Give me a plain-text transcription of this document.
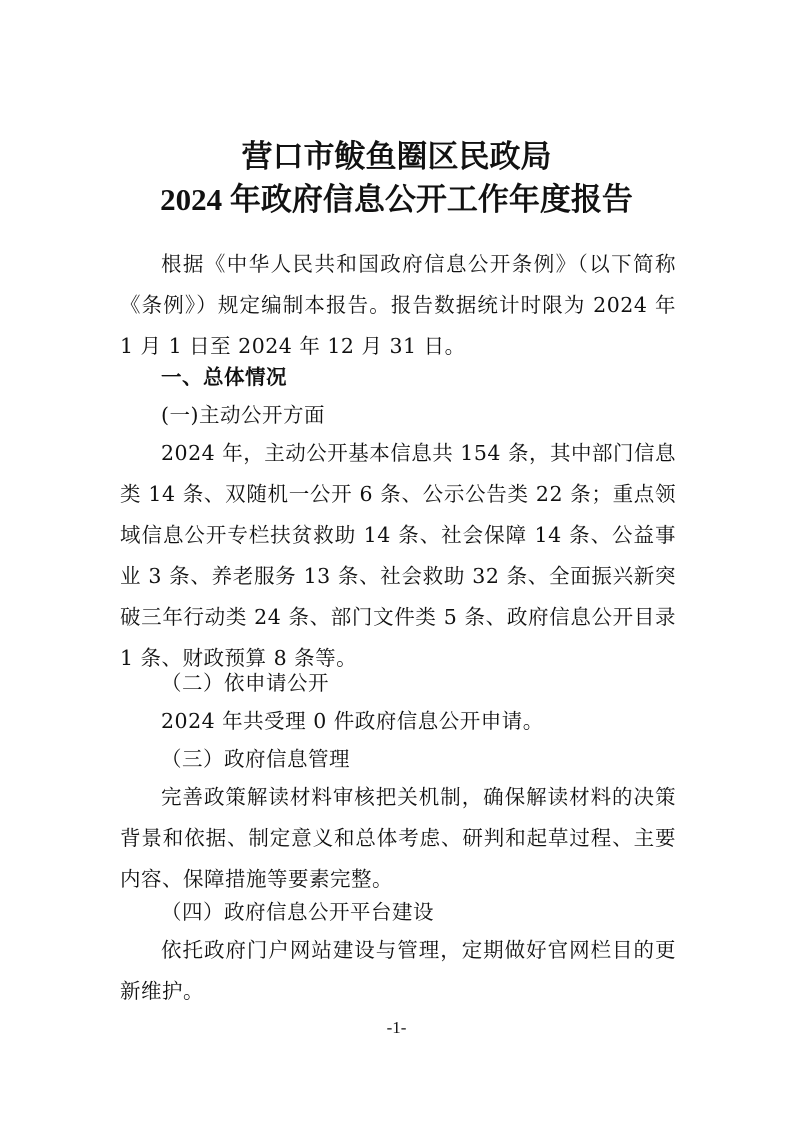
营口市鲅鱼圈区民政局
2024 年政府信息公开工作年度报告

根据《中华人民共和国政府信息公开条例》（以下简称《条例》）规定编制本报告。报告数据统计时限为 2024 年 1 月 1 日至 2024 年 12 月 31 日。

一、总体情况

(一)主动公开方面

2024 年，主动公开基本信息共 154 条，其中部门信息类 14 条、双随机一公开 6 条、公示公告类 22 条；重点领域信息公开专栏扶贫救助 14 条、社会保障 14 条、公益事业 3 条、养老服务 13 条、社会救助 32 条、全面振兴新突破三年行动类 24 条、部门文件类 5 条、政府信息公开目录 1 条、财政预算 8 条等。

（二）依申请公开

2024 年共受理 0 件政府信息公开申请。

（三）政府信息管理

完善政策解读材料审核把关机制，确保解读材料的决策背景和依据、制定意义和总体考虑、研判和起草过程、主要内容、保障措施等要素完整。

（四）政府信息公开平台建设

依托政府门户网站建设与管理，定期做好官网栏目的更新维护。

-1-
